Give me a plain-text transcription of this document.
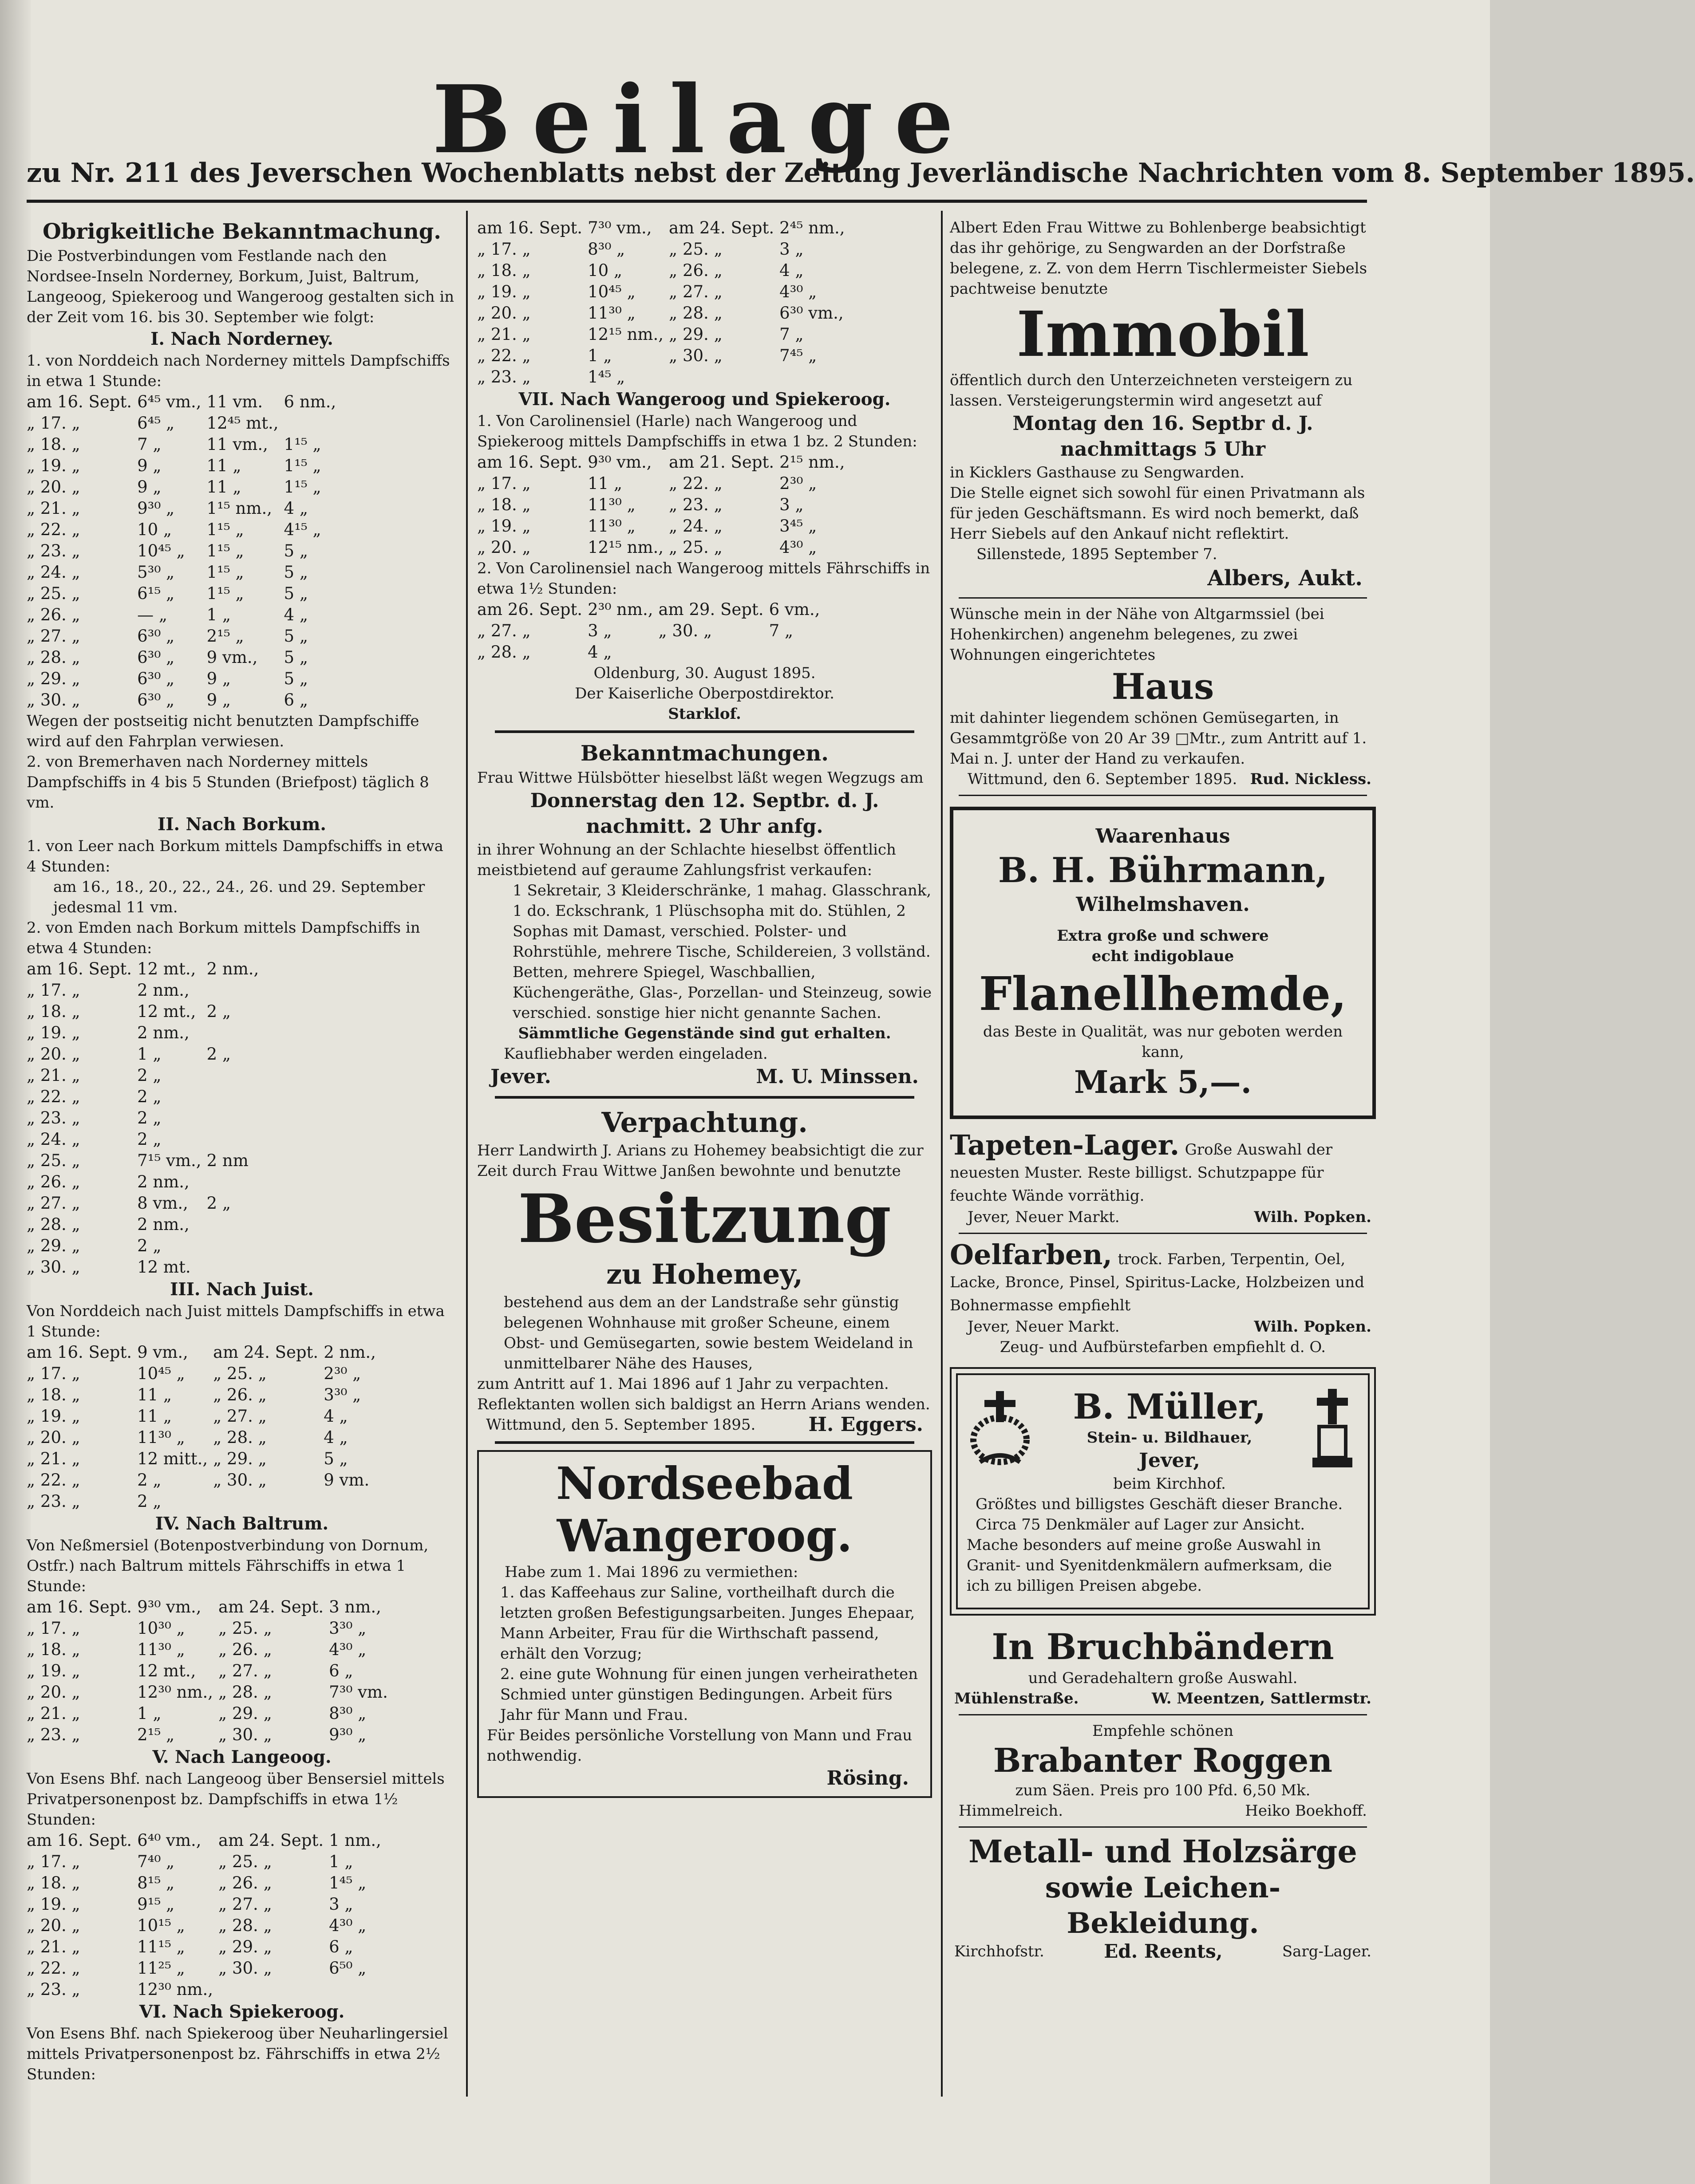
Beilage
zu Nr. 211 des Jeverschen Wochenblatts nebst der Zeitung Jeverländische Nachrichten vom 8. September 1895.

Obrigkeitliche Bekanntmachung.

Die Postverbindungen vom Festlande nach den Nordsee-Inseln Norderney, Borkum, Juist, Baltrum, Langeoog, Spiekeroog und Wangeroog gestalten sich in der Zeit vom 16. bis 30. September wie folgt:

I. Nach Norderney.

1. von Norddeich nach Norderney mittels Dampfschiffs in etwa 1 Stunde:

am 16. Sept.	6⁴⁵ vm.,	11 vm.	6 nm.,
„ 17. „	6⁴⁵ „	12⁴⁵ mt.,	
„ 18. „	7 „	11 vm.,	1¹⁵ „
„ 19. „	9 „	11 „	1¹⁵ „
„ 20. „	9 „	11 „	1¹⁵ „
„ 21. „	9³⁰ „	1¹⁵ nm.,	4 „
„ 22. „	10 „	1¹⁵ „	4¹⁵ „
„ 23. „	10⁴⁵ „	1¹⁵ „	5 „
„ 24. „	5³⁰ „	1¹⁵ „	5 „
„ 25. „	6¹⁵ „	1¹⁵ „	5 „
„ 26. „	— „	1 „	4 „
„ 27. „	6³⁰ „	2¹⁵ „	5 „
„ 28. „	6³⁰ „	9 vm.,	5 „
„ 29. „	6³⁰ „	9 „	5 „
„ 30. „	6³⁰ „	9 „	6 „

Wegen der postseitig nicht benutzten Dampfschiffe wird auf den Fahrplan verwiesen.

2. von Bremerhaven nach Norderney mittels Dampfschiffs in 4 bis 5 Stunden (Briefpost) täglich 8 vm.

II. Nach Borkum.

1. von Leer nach Borkum mittels Dampfschiffs in etwa 4 Stunden:

am 16., 18., 20., 22., 24., 26. und 29. September jedesmal 11 vm.

2. von Emden nach Borkum mittels Dampfschiffs in etwa 4 Stunden:

am 16. Sept.	12 mt.,	2 nm.,
„ 17. „	2 nm.,	
„ 18. „	12 mt.,	2 „
„ 19. „	2 nm.,	
„ 20. „	1 „	2 „
„ 21. „	2 „	
„ 22. „	2 „	
„ 23. „	2 „	
„ 24. „	2 „	
„ 25. „	7¹⁵ vm.,	2 nm
„ 26. „	2 nm.,	
„ 27. „	8 vm.,	2 „
„ 28. „	2 nm.,	
„ 29. „	2 „	
„ 30. „	12 mt.	

III. Nach Juist.

Von Norddeich nach Juist mittels Dampfschiffs in etwa 1 Stunde:

am 16. Sept.	9 vm.,	am 24. Sept.	2 nm.,
„ 17. „	10⁴⁵ „	„ 25. „	2³⁰ „
„ 18. „	11 „	„ 26. „	3³⁰ „
„ 19. „	11 „	„ 27. „	4 „
„ 20. „	11³⁰ „	„ 28. „	4 „
„ 21. „	12 mitt.,	„ 29. „	5 „
„ 22. „	2 „	„ 30. „	9 vm.
„ 23. „	2 „		

IV. Nach Baltrum.

Von Neßmersiel (Botenpostverbindung von Dornum, Ostfr.) nach Baltrum mittels Fährschiffs in etwa 1 Stunde:

am 16. Sept.	9³⁰ vm.,	am 24. Sept.	3 nm.,
„ 17. „	10³⁰ „	„ 25. „	3³⁰ „
„ 18. „	11³⁰ „	„ 26. „	4³⁰ „
„ 19. „	12 mt.,	„ 27. „	6 „
„ 20. „	12³⁰ nm.,	„ 28. „	7³⁰ vm.
„ 21. „	1 „	„ 29. „	8³⁰ „
„ 23. „	2¹⁵ „	„ 30. „	9³⁰ „

V. Nach Langeoog.

Von Esens Bhf. nach Langeoog über Bensersiel mittels Privatpersonenpost bz. Dampfschiffs in etwa 1½ Stunden:

am 16. Sept.	6⁴⁰ vm.,	am 24. Sept.	1 nm.,
„ 17. „	7⁴⁰ „	„ 25. „	1 „
„ 18. „	8¹⁵ „	„ 26. „	1⁴⁵ „
„ 19. „	9¹⁵ „	„ 27. „	3 „
„ 20. „	10¹⁵ „	„ 28. „	4³⁰ „
„ 21. „	11¹⁵ „	„ 29. „	6 „
„ 22. „	11²⁵ „	„ 30. „	6⁵⁰ „
„ 23. „	12³⁰ nm.,		

VI. Nach Spiekeroog.

Von Esens Bhf. nach Spiekeroog über Neuharlingersiel mittels Privatpersonenpost bz. Fährschiffs in etwa 2½ Stunden:

am 16. Sept.	7³⁰ vm.,	am 24. Sept.	2⁴⁵ nm.,
„ 17. „	8³⁰ „	„ 25. „	3 „
„ 18. „	10 „	„ 26. „	4 „
„ 19. „	10⁴⁵ „	„ 27. „	4³⁰ „
„ 20. „	11³⁰ „	„ 28. „	6³⁰ vm.,
„ 21. „	12¹⁵ nm.,	„ 29. „	7 „
„ 22. „	1 „	„ 30. „	7⁴⁵ „
„ 23. „	1⁴⁵ „		

VII. Nach Wangeroog und Spiekeroog.

1. Von Carolinensiel (Harle) nach Wangeroog und Spiekeroog mittels Dampfschiffs in etwa 1 bz. 2 Stunden:

am 16. Sept.	9³⁰ vm.,	am 21. Sept.	2¹⁵ nm.,
„ 17. „	11 „	„ 22. „	2³⁰ „
„ 18. „	11³⁰ „	„ 23. „	3 „
„ 19. „	11³⁰ „	„ 24. „	3⁴⁵ „
„ 20. „	12¹⁵ nm.,	„ 25. „	4³⁰ „

2. Von Carolinensiel nach Wangeroog mittels Fährschiffs in etwa 1½ Stunden:

am 26. Sept.	2³⁰ nm.,	am 29. Sept.	6 vm.,
„ 27. „	3 „	„ 30. „	7 „
„ 28. „	4 „		

Oldenburg, 30. August 1895.

Der Kaiserliche Oberpostdirektor.

Starklof.

Bekanntmachungen.

Frau Wittwe Hülsbötter hieselbst läßt wegen Wegzugs am

Donnerstag den 12. Septbr. d. J.

nachmitt. 2 Uhr anfg.

in ihrer Wohnung an der Schlachte hieselbst öffentlich meistbietend auf geraume Zahlungsfrist verkaufen:

1 Sekretair, 3 Kleiderschränke, 1 mahag. Glasschrank, 1 do. Eckschrank, 1 Plüschsopha mit do. Stühlen, 2 Sophas mit Damast, verschied. Polster- und Rohrstühle, mehrere Tische, Schildereien, 3 vollständ. Betten, mehrere Spiegel, Waschballien, Küchengeräthe, Glas-, Porzellan- und Steinzeug, sowie verschied. sonstige hier nicht genannte Sachen.

Sämmtliche Gegenstände sind gut erhalten.

Kaufliebhaber werden eingeladen.

Jever.	M. U. Minssen.

Verpachtung.

Herr Landwirth J. Arians zu Hohemey beabsichtigt die zur Zeit durch Frau Wittwe Janßen bewohnte und benutzte

Besitzung

zu Hohemey,

bestehend aus dem an der Landstraße sehr günstig belegenen Wohnhause mit großer Scheune, einem Obst- und Gemüsegarten, sowie bestem Weideland in unmittelbarer Nähe des Hauses,

zum Antritt auf 1. Mai 1896 auf 1 Jahr zu verpachten.

Reflektanten wollen sich baldigst an Herrn Arians wenden.

Wittmund, den 5. September 1895.	H. Eggers.

Nordseebad

Wangeroog.

Habe zum 1. Mai 1896 zu vermiethen:

1. das Kaffeehaus zur Saline, vortheilhaft durch die letzten großen Befestigungsarbeiten. Junges Ehepaar, Mann Arbeiter, Frau für die Wirthschaft passend, erhält den Vorzug;

2. eine gute Wohnung für einen jungen verheiratheten Schmied unter günstigen Bedingungen. Arbeit fürs Jahr für Mann und Frau.

Für Beides persönliche Vorstellung von Mann und Frau nothwendig.

Rösing.

Albert Eden Frau Wittwe zu Bohlenberge beabsichtigt das ihr gehörige, zu Sengwarden an der Dorfstraße belegene, z. Z. von dem Herrn Tischlermeister Siebels pachtweise benutzte

Immobil

öffentlich durch den Unterzeichneten versteigern zu lassen. Versteigerungstermin wird angesetzt auf

Montag den 16. Septbr d. J.

nachmittags 5 Uhr

in Kicklers Gasthause zu Sengwarden.

Die Stelle eignet sich sowohl für einen Privatmann als für jeden Geschäftsmann. Es wird noch bemerkt, daß Herr Siebels auf den Ankauf nicht reflektirt.

Sillenstede, 1895 September 7.

Albers, Aukt.

Wünsche mein in der Nähe von Altgarmssiel (bei Hohenkirchen) angenehm belegenes, zu zwei Wohnungen eingerichtetes

Haus

mit dahinter liegendem schönen Gemüsegarten, in Gesammtgröße von 20 Ar 39 □Mtr., zum Antritt auf 1. Mai n. J. unter der Hand zu verkaufen.

Wittmund, den 6. September 1895. Rud. Nickless.

Waarenhaus

B. H. Bührmann,

Wilhelmshaven.

Extra große und schwere

echt indigoblaue

Flanellhemde,

das Beste in Qualität, was nur geboten werden kann,

Mark 5,—.

Tapeten-Lager. Große Auswahl der neuesten Muster. Reste billigst. Schutzpappe für feuchte Wände vorräthig.

Jever, Neuer Markt.	Wilh. Popken.

Oelfarben, trock. Farben, Terpentin, Oel, Lacke, Bronce, Pinsel, Spiritus-Lacke, Holzbeizen und Bohnermasse empfiehlt

Jever, Neuer Markt.	Wilh. Popken.

Zeug- und Aufbürstefarben empfiehlt d. O.

B. Müller,

Stein- u. Bildhauer,

Jever,

beim Kirchhof.

Größtes und billigstes Geschäft dieser Branche. Circa 75 Denkmäler auf Lager zur Ansicht.

Mache besonders auf meine große Auswahl in Granit- und Syenitdenkmälern aufmerksam, die ich zu billigen Preisen abgebe.

In Bruchbändern

und Geradehaltern große Auswahl.

Mühlenstraße.	W. Meentzen, Sattlermstr.

Empfehle schönen

Brabanter Roggen

zum Säen. Preis pro 100 Pfd. 6,50 Mk.

Himmelreich.	Heiko Boekhoff.

Metall- und Holzsärge

sowie Leichen-Bekleidung.

Kirchhofstr.	Ed. Reents,	Sarg-Lager.
